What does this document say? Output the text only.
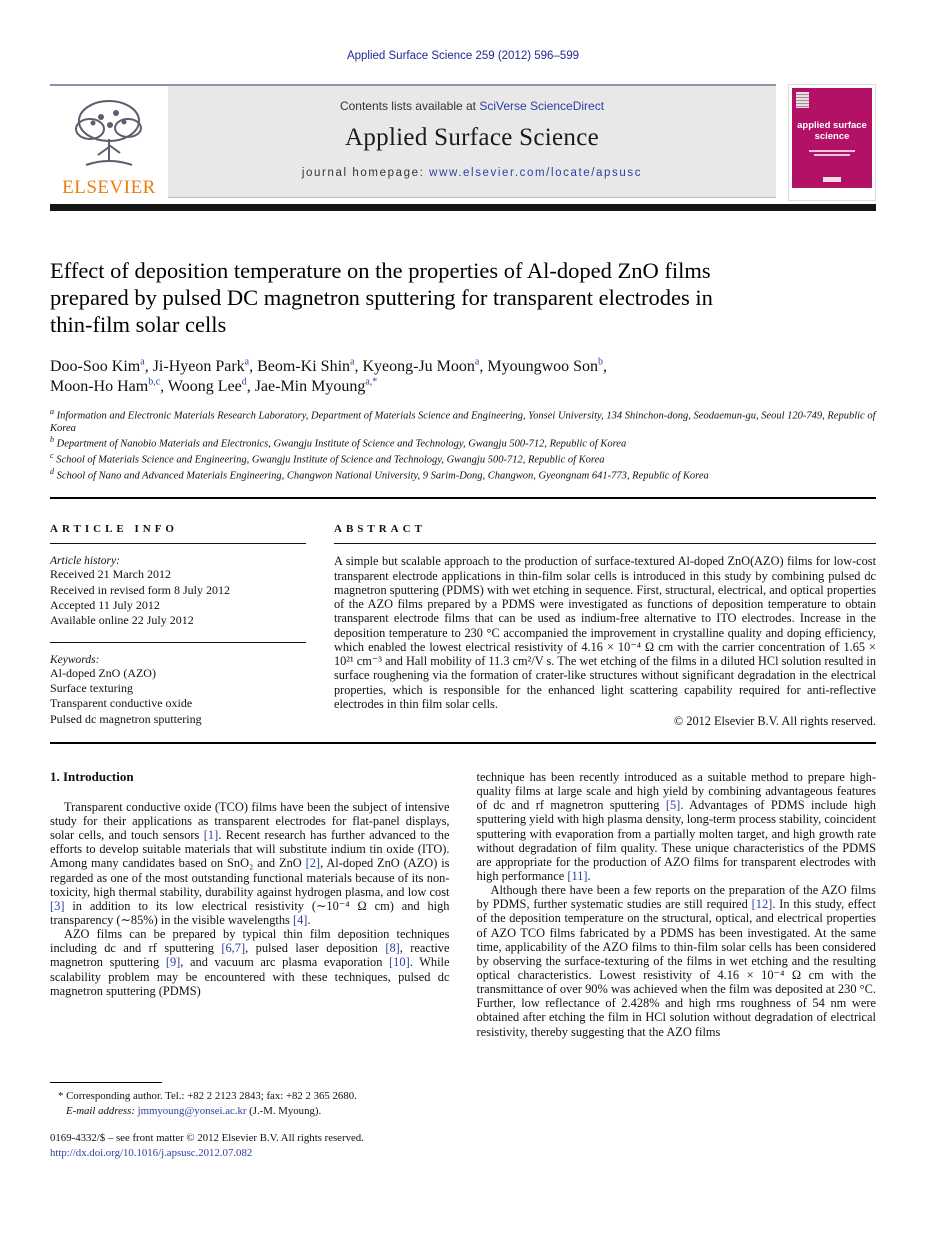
Applied Surface Science 259 (2012) 596–599
ELSEVIER
Contents lists available at SciVerse ScienceDirect
Applied Surface Science
journal homepage: www.elsevier.com/locate/apsusc
applied surface science
Effect of deposition temperature on the properties of Al-doped ZnO films
prepared by pulsed DC magnetron sputtering for transparent electrodes in
thin-film solar cells
Doo-Soo Kim$^a$, Ji-Hyeon Park$^a$, Beom-Ki Shin$^a$, Kyeong-Ju Moon$^a$, Myoungwoo Son$^b$,
Moon-Ho Ham$^{b,c}$, Woong Lee$^d$, Jae-Min Myoung$^{a,*}$
$^a$ Information and Electronic Materials Research Laboratory, Department of Materials Science and Engineering, Yonsei University, 134 Shinchon-dong, Seodaemun-gu, Seoul 120-749, Republic of Korea
$^b$ Department of Nanobio Materials and Electronics, Gwangju Institute of Science and Technology, Gwangju 500-712, Republic of Korea
$^c$ School of Materials Science and Engineering, Gwangju Institute of Science and Technology, Gwangju 500-712, Republic of Korea
$^d$ School of Nano and Advanced Materials Engineering, Changwon National University, 9 Sarim-Dong, Changwon, Gyeongnam 641-773, Republic of Korea
ARTICLE INFO
Article history:
Received 21 March 2012
Received in revised form 8 July 2012
Accepted 11 July 2012
Available online 22 July 2012
Keywords:
Al-doped ZnO (AZO)
Surface texturing
Transparent conductive oxide
Pulsed dc magnetron sputtering
ABSTRACT
A simple but scalable approach to the production of surface-textured Al-doped ZnO(AZO) films for low-cost transparent electrode applications in thin-film solar cells is introduced in this study by combining pulsed dc magnetron sputtering (PDMS) with wet etching in sequence. First, structural, electrical, and optical properties of the AZO films prepared by a PDMS were investigated as functions of deposition temperature to obtain transparent electrode films that can be used as indium-free alternative to ITO electrodes. Increase in the deposition temperature to 230 °C accompanied the improvement in crystalline quality and doping efficiency, which enabled the lowest electrical resistivity of 4.16 × 10⁻⁴ Ω cm with the carrier concentration of 1.65 × 10²¹ cm⁻³ and Hall mobility of 11.3 cm²/V s. The wet etching of the films in a diluted HCl solution resulted in surface roughening via the formation of crater-like structures without significant degradation in the electrical properties, which is responsible for the enhanced light scattering capability required for anti-reflective electrodes in thin film solar cells.
© 2012 Elsevier B.V. All rights reserved.
1. Introduction
Transparent conductive oxide (TCO) films have been the subject of intensive study for their applications as transparent electrodes for flat-panel displays, solar cells, and touch sensors [1]. Recent research has further advanced to the efforts to develop suitable materials that will substitute indium tin oxide (ITO). Among many candidates based on SnO₂ and ZnO [2], Al-doped ZnO (AZO) is regarded as one of the most outstanding functional materials because of its non-toxicity, high thermal stability, durability against hydrogen plasma, and low cost [3] in addition to its low electrical resistivity (∼10⁻⁴ Ω cm) and high transparency (∼85%) in the visible wavelengths [4].
AZO films can be prepared by typical thin film deposition techniques including dc and rf sputtering [6,7], pulsed laser deposition [8], reactive magnetron sputtering [9], and vacuum arc plasma evaporation [10]. While scalability problem may be encountered with these techniques, pulsed dc magnetron sputtering (PDMS)
technique has been recently introduced as a suitable method to prepare high-quality films at large scale and high yield by combining advantageous features of dc and rf magnetron sputtering [5]. Advantages of PDMS include high sputtering yield with high plasma density, long-term process stability, coincident sputtering with evaporation from a partially molten target, and high growth rate without degradation of film quality. These unique characteristics of the PDMS are appropriate for the production of AZO films for transparent electrodes with high performance [11].
Although there have been a few reports on the preparation of the AZO films by PDMS, further systematic studies are still required [12]. In this study, effect of the deposition temperature on the structural, optical, and electrical properties of AZO TCO films fabricated by a PDMS has been investigated. At the same time, applicability of the AZO films to thin-film solar cells has been considered by observing the surface-texturing of the films in wet etching and the resulting optical characteristics. Lowest resistivity of 4.16 × 10⁻⁴ Ω cm with the transmittance of over 90% was achieved when the film was deposited at 230 °C. Further, low reflectance of 2.428% and high rms roughness of 54 nm were obtained after etching the film in HCl solution without degradation of electrical resistivity, thereby suggesting that the AZO films
* Corresponding author. Tel.: +82 2 2123 2843; fax: +82 2 365 2680.
E-mail address: jmmyoung@yonsei.ac.kr (J.-M. Myoung).
0169-4332/$ – see front matter © 2012 Elsevier B.V. All rights reserved.
http://dx.doi.org/10.1016/j.apsusc.2012.07.082
